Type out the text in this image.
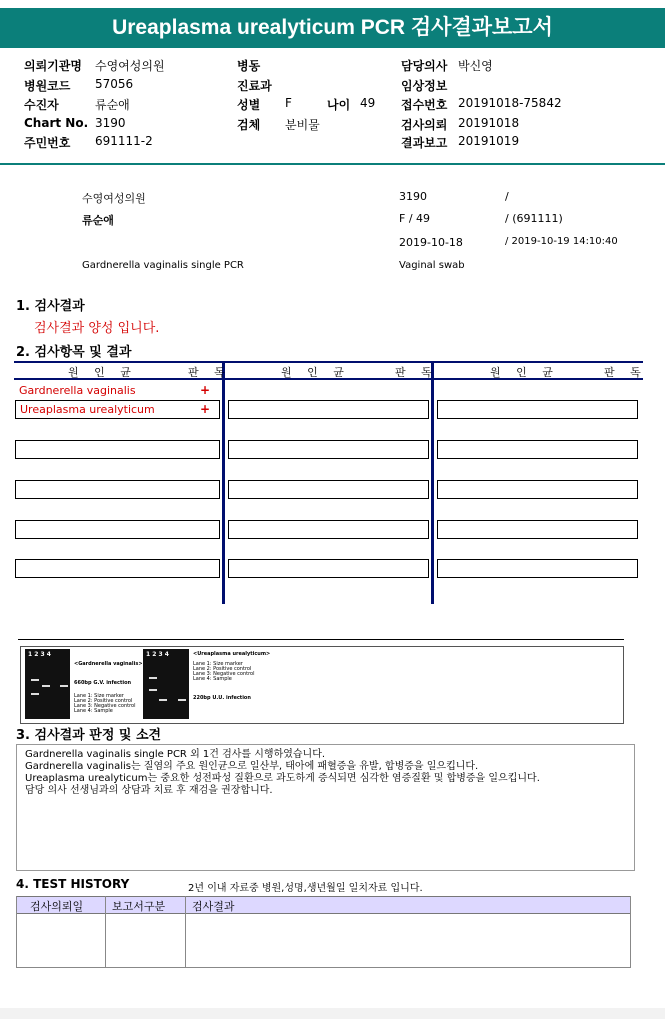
Ureaplasma urealyticum PCR 검사결과보고서
의뢰기관명 수영여성의원
병원코드 57056
수진자	류순애
Chart No. 3190
주민번호 691111-2
병동
진료과
성별 F	나이 49
검체 분비물
담당의사 박신영
임상정보
접수번호 20191018-75842
검사의뢰 20191018
결과보고 20191019
수영여성의원	3190	/
류순애	F / 49	/ (691111)
2019-10-18	/ 2019-10-19 14:10:40
Gardnerella vaginalis single PCR	Vaginal swab
1. 검사결과
검사결과 양성 입니다.
2. 검사항목 및 결과
원 인 균	판 독	원 인 균	판 독	원 인 균	판 독
Gardnerella vaginalis	+
Ureaplasma urealyticum	+
1 2 3 4
<Gardnerella vaginalis>
660bp G.V. infection
Lane 1: Size marker
Lane 2: Positive control
Lane 3: Negative control
Lane 4: Sample
1 2 3 4	<Ureaplasma urealyticum>
Lane 1: Size marker
Lane 2: Positive control
Lane 3: Negative control
Lane 4: Sample
220bp U.U. infection
3. 검사결과 판정 및 소견
Gardnerella vaginalis single PCR 외 1건 검사를 시행하였습니다.
Gardnerella vaginalis는 질염의 주요 원인균으로 일산부, 태아에 패혈증을 유발, 합병증을 일으킵니다.
Ureaplasma urealyticum는 중요한 성전파성 질환으로 과도하게 증식되면 심각한 염증질환 및 합병증을 일으킵니다.
담당 의사 선생님과의 상담과 치료 후 재검을 권장합니다.
4. TEST HISTORY	2년 이내 자료중 병원,성명,생년월일 일치자료 입니다.
검사의뢰일	보고서구분 검사결과
